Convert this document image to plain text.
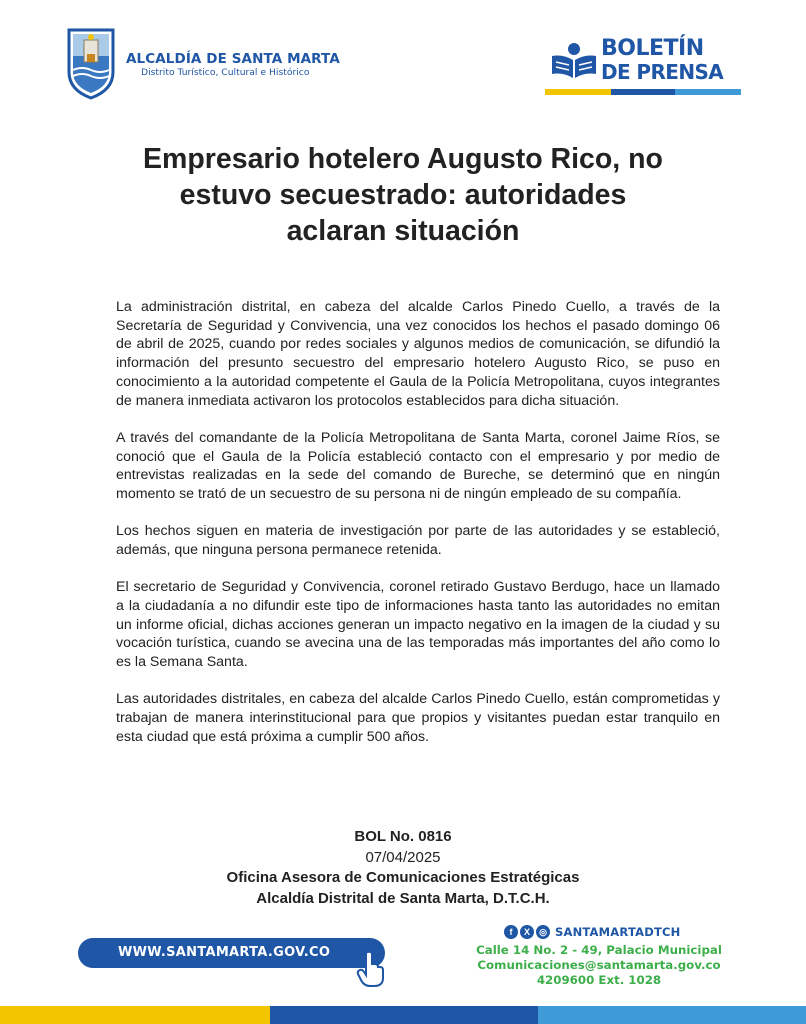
ALCALDÍA DE SANTA MARTA
Distrito Turístico, Cultural e Histórico
BOLETÍN
DE PRENSA
Empresario hotelero Augusto Rico, no
estuvo secuestrado: autoridades
aclaran situación

La administración distrital, en cabeza del alcalde Carlos Pinedo Cuello, a través de la Secretaría de Seguridad y Convivencia, una vez conocidos los hechos el pasado domingo 06 de abril de 2025, cuando por redes sociales y algunos medios de comunicación, se difundió la información del presunto secuestro del empresario hotelero Augusto Rico, se puso en conocimiento a la autoridad competente el Gaula de la Policía Metropolitana, cuyos integrantes de manera inmediata activaron los protocolos establecidos para dicha situación.

A través del comandante de la Policía Metropolitana de Santa Marta, coronel Jaime Ríos, se conoció que el Gaula de la Policía estableció contacto con el empresario y por medio de entrevistas realizadas en la sede del comando de Bureche, se determinó que en ningún momento se trató de un secuestro de su persona ni de ningún empleado de su compañía.

Los hechos siguen en materia de investigación por parte de las autoridades y se estableció, además, que ninguna persona permanece retenida.

El secretario de Seguridad y Convivencia, coronel retirado Gustavo Berdugo, hace un llamado a la ciudadanía a no difundir este tipo de informaciones hasta tanto las autoridades no emitan un informe oficial, dichas acciones generan un impacto negativo en la imagen de la ciudad y su vocación turística, cuando se avecina una de las temporadas más importantes del año como lo es la Semana Santa.

Las autoridades distritales, en cabeza del alcalde Carlos Pinedo Cuello, están comprometidas y trabajan de manera interinstitucional para que propios y visitantes puedan estar tranquilo en esta ciudad que está próxima a cumplir 500 años.

BOL No. 0816
07/04/2025
Oficina Asesora de Comunicaciones Estratégicas
Alcaldía Distrital de Santa Marta, D.T.C.H.
WWW.SANTAMARTA.GOV.CO
f	X	◎ SANTAMARTADTCH
Calle 14 No. 2 - 49, Palacio Municipal
Comunicaciones@santamarta.gov.co
4209600 Ext. 1028
